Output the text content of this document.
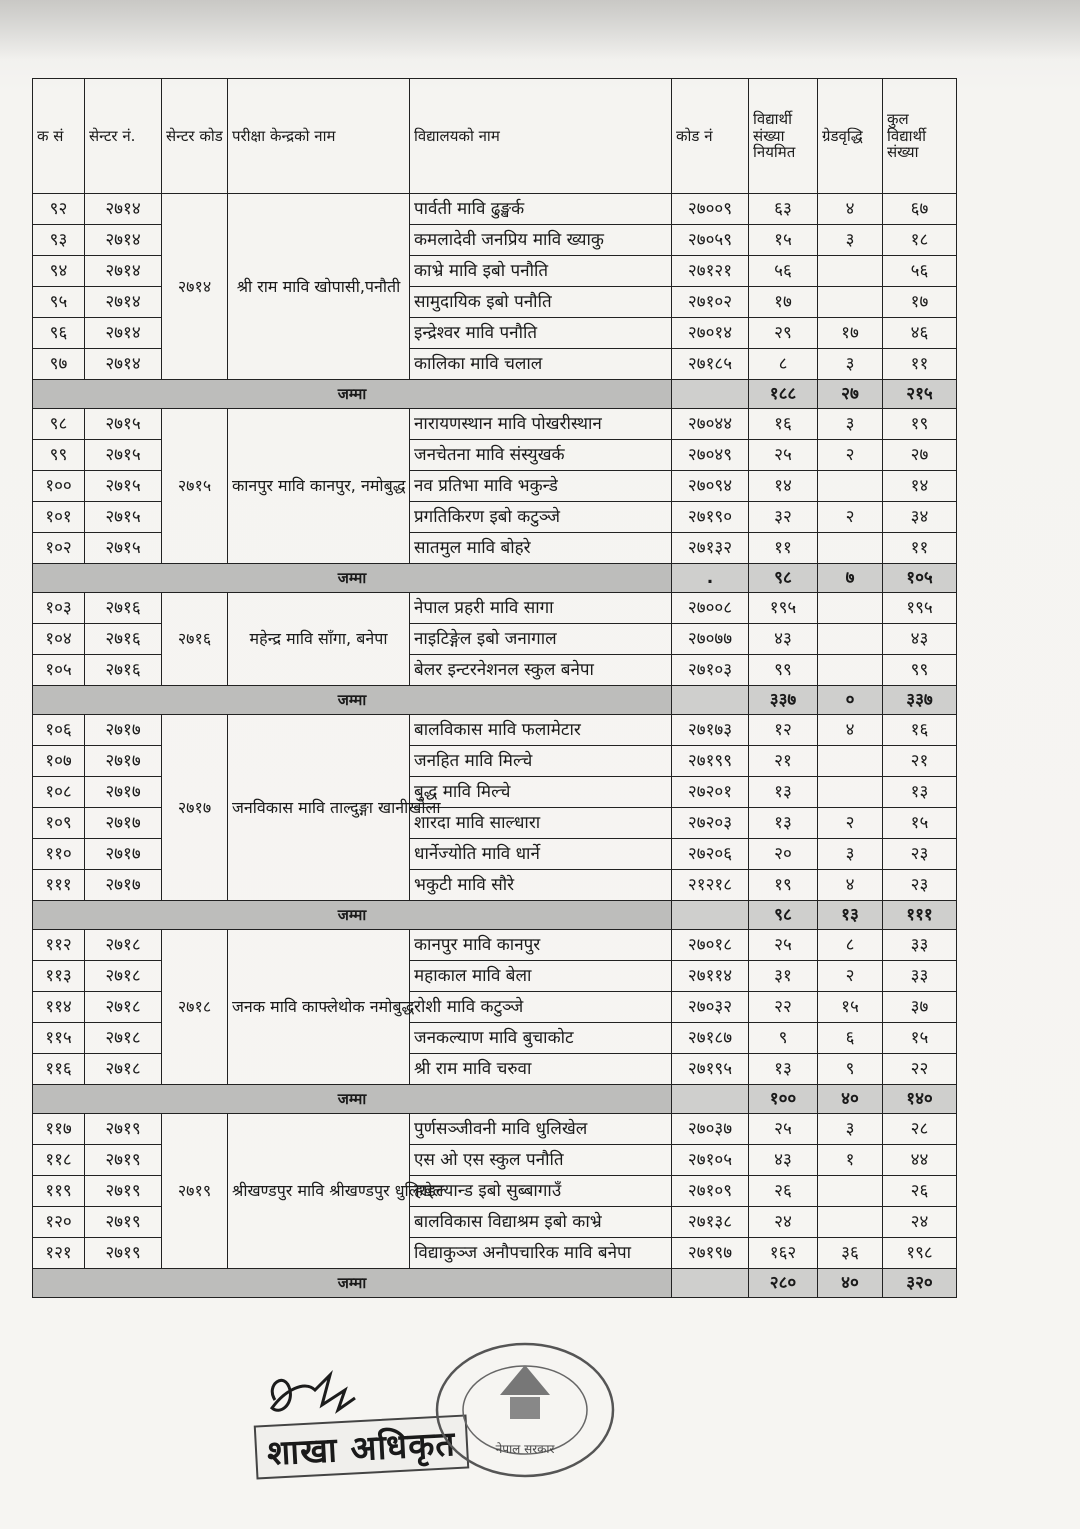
क सं	सेन्टर नं.	सेन्टर कोड	परीक्षा केन्द्रको नाम	विद्यालयको नाम	कोड नं	विद्यार्थी संख्या नियमित	ग्रेडवृद्धि	कुल विद्यार्थी संख्या
९२	२७१४	२७१४	श्री राम मावि खोपासी,पनौती	पार्वती मावि ढुङ्खर्क	२७००९	६३	४	६७
९३	२७१४			कमलादेवी जनप्रिय मावि ख्याकु	२७०५९	१५	३	१८
९४	२७१४			काभ्रे मावि इबो पनौति	२७१२१	५६		५६
९५	२७१४			सामुदायिक इबो पनौति	२७१०२	१७		१७
९६	२७१४			इन्द्रेश्वर मावि पनौति	२७०१४	२९	१७	४६
९७	२७१४			कालिका मावि चलाल	२७१८५	८	३	११
जम्मा						१८८	२७	२१५
९८	२७१५	२७१५	कानपुर मावि कानपुर, नमोबुद्ध	नारायणस्थान मावि पोखरीस्थान	२७०४४	१६	३	१९
९९	२७१५			जनचेतना मावि संस्युखर्क	२७०४९	२५	२	२७
१००	२७१५			नव प्रतिभा मावि भकुन्डे	२७०९४	१४		१४
१०१	२७१५			प्रगतिकिरण इबो कटुञ्जे	२७१९०	३२	२	३४
१०२	२७१५			सातमुल मावि बोहरे	२७१३२	११		११
जम्मा					.	९८	७	१०५
१०३	२७१६	२७१६	महेन्द्र मावि साँगा, बनेपा	नेपाल प्रहरी मावि सागा	२७००८	१९५		१९५
१०४	२७१६			नाइटिङ्गेल इबो जनागाल	२७०७७	४३		४३
१०५	२७१६			बेलर इन्टरनेशनल स्कुल बनेपा	२७१०३	९९		९९
जम्मा						३३७	०	३३७
१०६	२७१७	२७१७	जनविकास मावि ताल्दुङ्गा खानीखोला	बालविकास मावि फलामेटार	२७१७३	१२	४	१६
१०७	२७१७			जनहित मावि मिल्चे	२७१९९	२१		२१
१०८	२७१७			बुद्ध मावि मिल्चे	२७२०१	१३		१३
१०९	२७१७			शारदा मावि साल्धारा	२७२०३	१३	२	१५
११०	२७१७			धार्नेज्योति मावि धार्ने	२७२०६	२०	३	२३
१११	२७१७			भकुटी मावि सौरे	२१२१८	१९	४	२३
जम्मा						९८	१३	१११
११२	२७१८	२७१८	जनक मावि काफ्लेथोक नमोबुद्ध	कानपुर मावि कानपुर	२७०१८	२५	८	३३
११३	२७१८			महाकाल मावि बेला	२७११४	३१	२	३३
११४	२७१८			रोशी मावि कटुञ्जे	२७०३२	२२	१५	३७
११५	२७१८			जनकल्याण मावि बुचाकोट	२७१८७	९	६	१५
११६	२७१८			श्री राम मावि चरुवा	२७१९५	१३	९	२२
जम्मा						१००	४०	१४०
११७	२७१९	२७१९	श्रीखण्डपुर मावि श्रीखण्डपुर धुलिखेल	पुर्णसञ्जीवनी मावि धुलिखेल	२७०३७	२५	३	२८
११८	२७१९			एस ओ एस स्कुल पनौति	२७१०५	४३	१	४४
११९	२७१९			हाइल्यान्ड इबो सुब्बागाउँ	२७१०९	२६		२६
१२०	२७१९			बालविकास विद्याश्रम इबो काभ्रे	२७१३८	२४		२४
१२१	२७१९			विद्याकुञ्ज अनौपचारिक मावि बनेपा	२७१९७	१६२	३६	१९८
जम्मा						२८०	४०	३२०
शाखा अधिकृत	नेपाल सरकार
